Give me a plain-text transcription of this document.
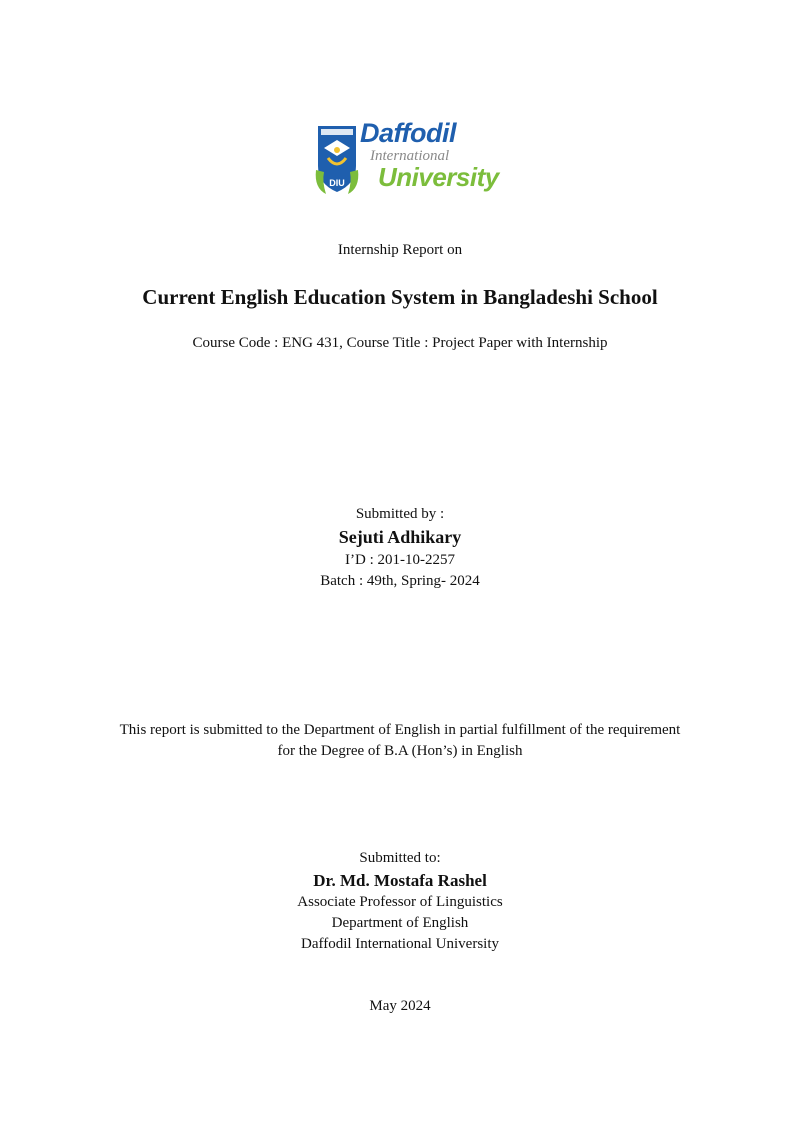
DIU
Daffodil
International
University
Internship Report on
Current English Education System in Bangladeshi School
Course Code : ENG 431, Course Title : Project Paper with Internship
Submitted by :
Sejuti Adhikary
I’D : 201-10-2257
Batch : 49th, Spring- 2024
This report is submitted to the Department of English in partial fulfillment of the requirement
for the Degree of B.A (Hon’s) in English
Submitted to:
Dr. Md. Mostafa Rashel
Associate Professor of Linguistics
Department of English
Daffodil International University
May 2024
